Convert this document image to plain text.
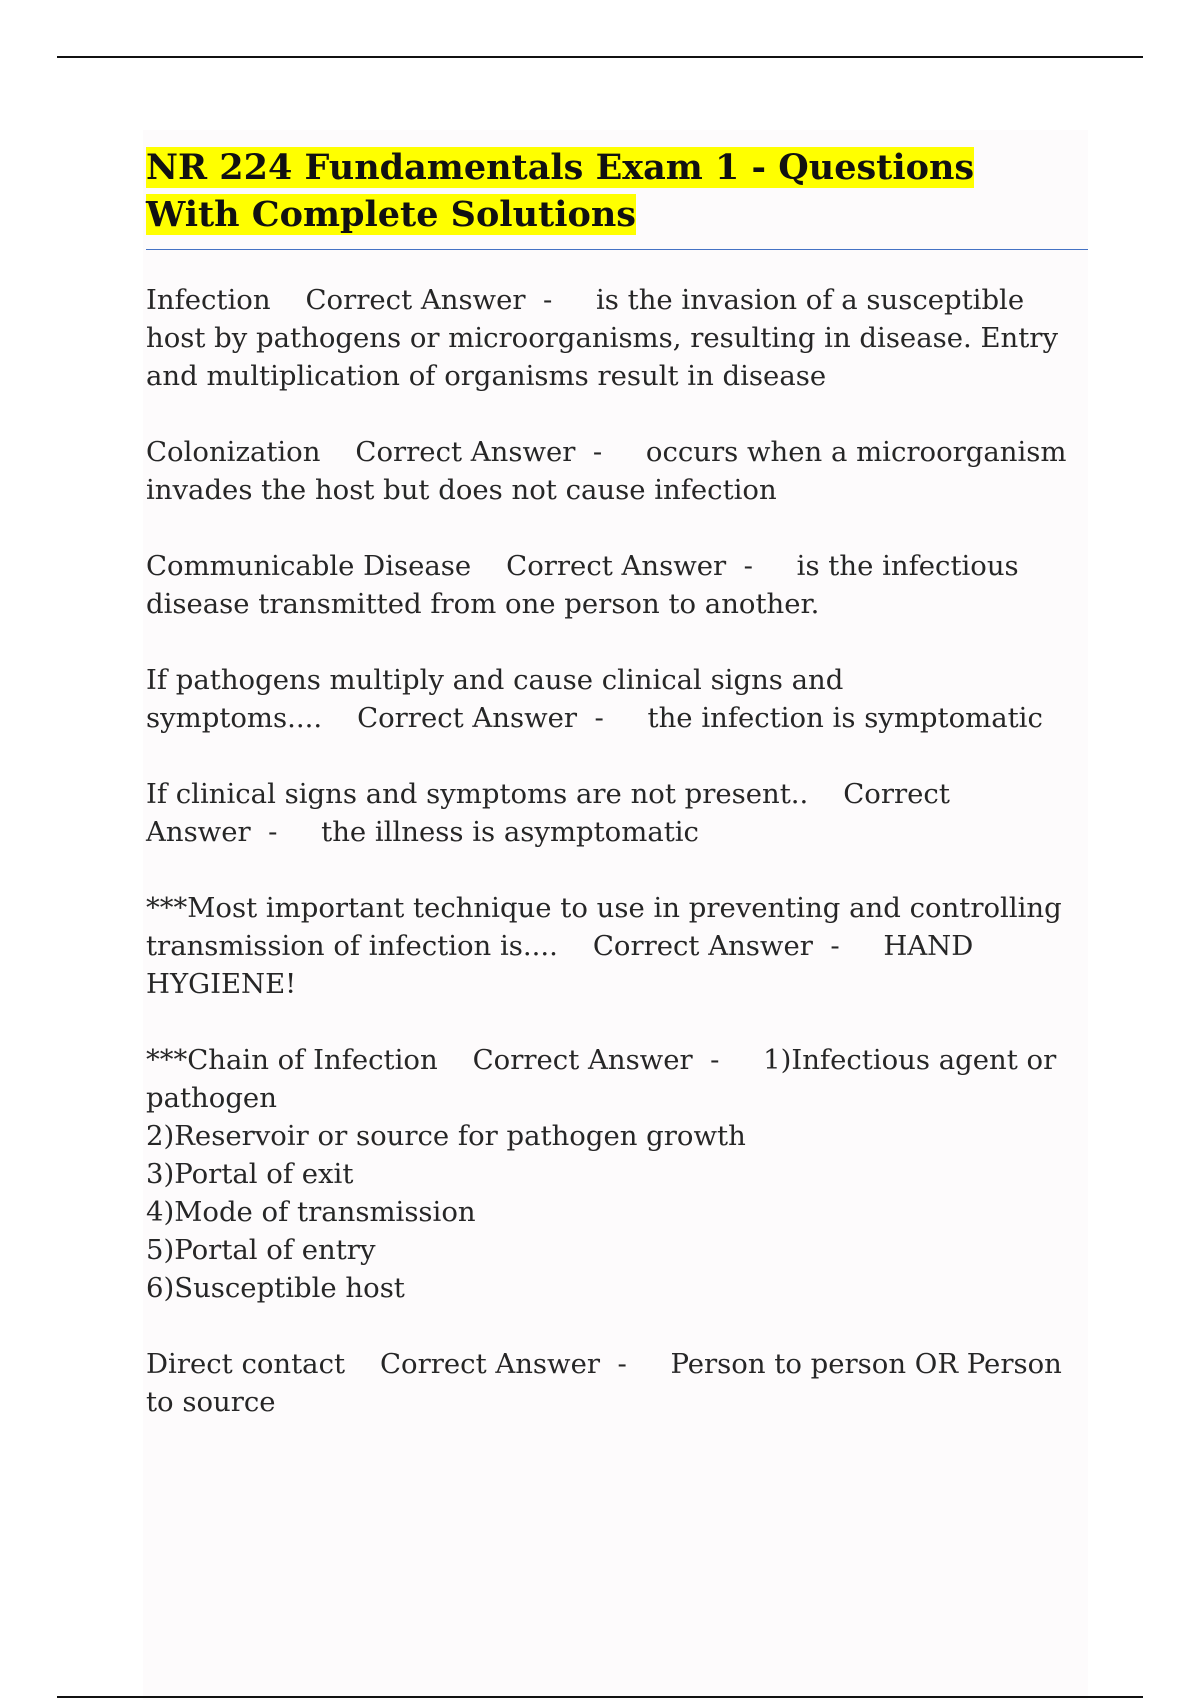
NR 224 Fundamentals Exam 1 - Questions With Complete Solutions
Infection Correct Answer  -     is the invasion of a susceptible host by pathogens or microorganisms, resulting in disease. Entry and multiplication of organisms result in disease
Colonization Correct Answer  -     occurs when a microorganism invades the host but does not cause infection
Communicable Disease Correct Answer  -     is the infectious disease transmitted from one person to another.
If pathogens multiply and cause clinical signs and symptoms.... Correct Answer  -     the infection is symptomatic
If clinical signs and symptoms are not present.. Correct Answer  -     the illness is asymptomatic
***Most important technique to use in preventing and controlling transmission of infection is.... Correct Answer  -     HAND HYGIENE!
***Chain of Infection Correct Answer  -     1)Infectious agent or pathogen
2)Reservoir or source for pathogen growth
3)Portal of exit
4)Mode of transmission
5)Portal of entry
6)Susceptible host
Direct contact Correct Answer  -     Person to person OR Person to source
